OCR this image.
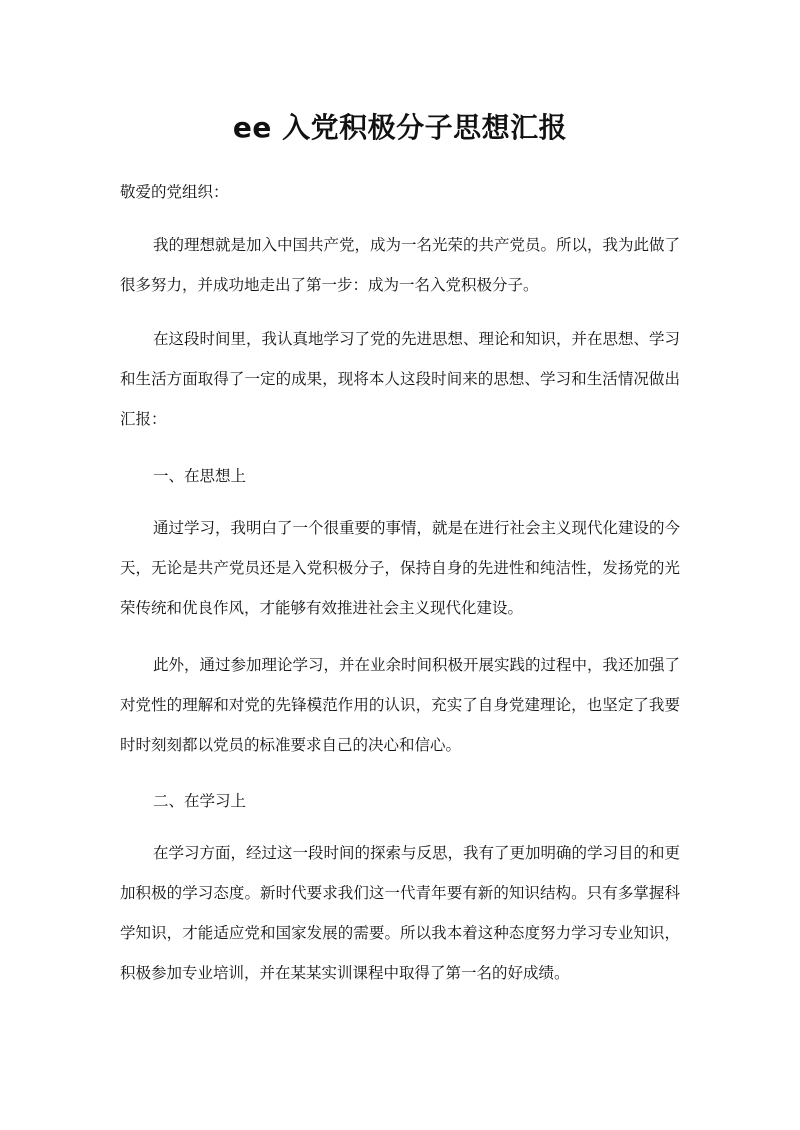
ee 入党积极分子思想汇报

敬爱的党组织：

我的理想就是加入中国共产党，成为一名光荣的共产党员。所以，我为此做了很多努力，并成功地走出了第一步：成为一名入党积极分子。

在这段时间里，我认真地学习了党的先进思想、理论和知识，并在思想、学习和生活方面取得了一定的成果，现将本人这段时间来的思想、学习和生活情况做出汇报：

一、在思想上

通过学习，我明白了一个很重要的事情，就是在进行社会主义现代化建设的今天，无论是共产党员还是入党积极分子，保持自身的先进性和纯洁性，发扬党的光荣传统和优良作风，才能够有效推进社会主义现代化建设。

此外，通过参加理论学习，并在业余时间积极开展实践的过程中，我还加强了对党性的理解和对党的先锋模范作用的认识，充实了自身党建理论，也坚定了我要时时刻刻都以党员的标准要求自己的决心和信心。

二、在学习上

在学习方面，经过这一段时间的探索与反思，我有了更加明确的学习目的和更加积极的学习态度。新时代要求我们这一代青年要有新的知识结构。只有多掌握科学知识，才能适应党和国家发展的需要。所以我本着这种态度努力学习专业知识，积极参加专业培训，并在某某实训课程中取得了第一名的好成绩。
